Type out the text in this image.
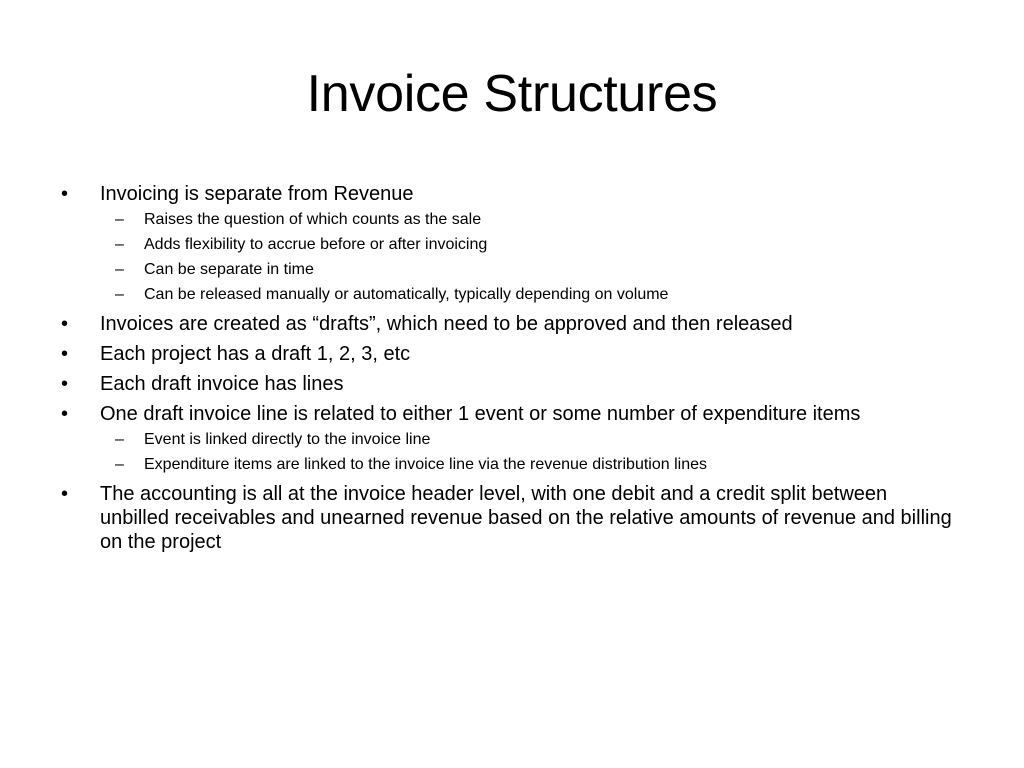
Invoice Structures
•	Invoicing is separate from Revenue
– Raises the question of which counts as the sale
– Adds flexibility to accrue before or after invoicing
– Can be separate in time
– Can be released manually or automatically, typically depending on volume
•	Invoices are created as “drafts”, which need to be approved and then released
•	Each project has a draft 1, 2, 3, etc
•	Each draft invoice has lines
•	One draft invoice line is related to either 1 event or some number of expenditure items
– Event is linked directly to the invoice line
– Expenditure items are linked to the invoice line via the revenue distribution lines
•	The accounting is all at the invoice header level, with one debit and a credit split between unbilled receivables and unearned revenue based on the relative amounts of revenue and billing on the project
